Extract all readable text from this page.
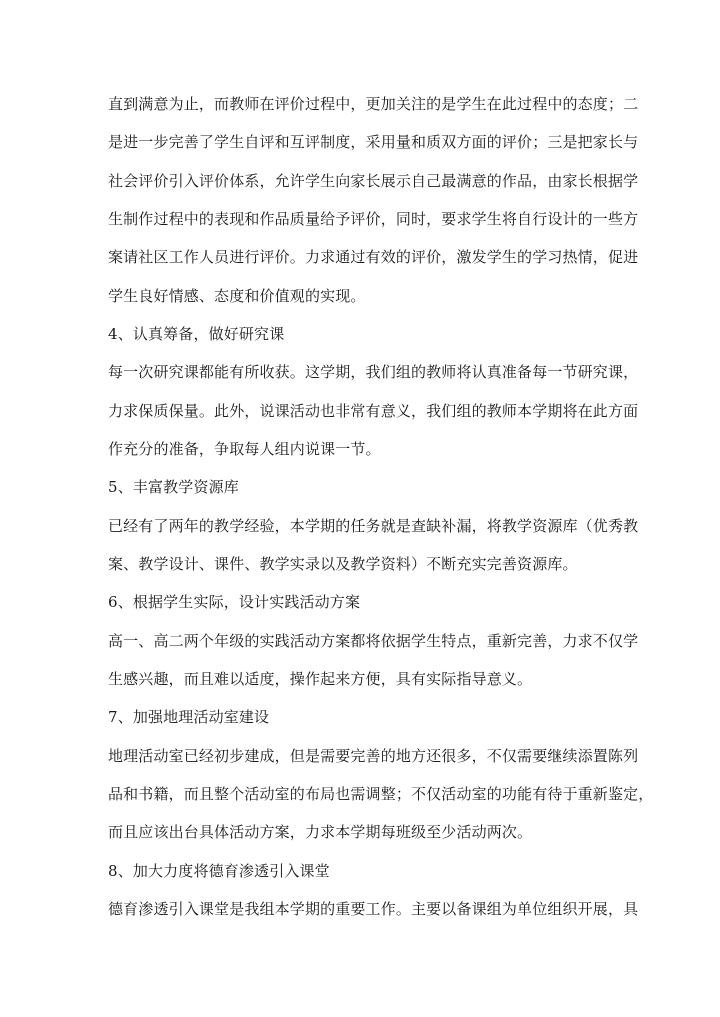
直到满意为止，而教师在评价过程中，更加关注的是学生在此过程中的态度；二
是进一步完善了学生自评和互评制度，采用量和质双方面的评价；三是把家长与
社会评价引入评价体系，允许学生向家长展示自己最满意的作品，由家长根据学
生制作过程中的表现和作品质量给予评价，同时，要求学生将自行设计的一些方
案请社区工作人员进行评价。力求通过有效的评价，激发学生的学习热情，促进
学生良好情感、态度和价值观的实现。
4、认真筹备，做好研究课
每一次研究课都能有所收获。这学期，我们组的教师将认真准备每一节研究课，
力求保质保量。此外，说课活动也非常有意义，我们组的教师本学期将在此方面
作充分的准备，争取每人组内说课一节。
5、丰富教学资源库
已经有了两年的教学经验，本学期的任务就是查缺补漏，将教学资源库（优秀教
案、教学设计、课件、教学实录以及教学资料）不断充实完善资源库。
6、根据学生实际，设计实践活动方案
高一、高二两个年级的实践活动方案都将依据学生特点，重新完善，力求不仅学
生感兴趣，而且难以适度，操作起来方便，具有实际指导意义。
7、加强地理活动室建设
地理活动室已经初步建成，但是需要完善的地方还很多，不仅需要继续添置陈列
品和书籍，而且整个活动室的布局也需调整；不仅活动室的功能有待于重新鉴定，
而且应该出台具体活动方案，力求本学期每班级至少活动两次。
8、加大力度将德育渗透引入课堂
德育渗透引入课堂是我组本学期的重要工作。主要以备课组为单位组织开展，具
